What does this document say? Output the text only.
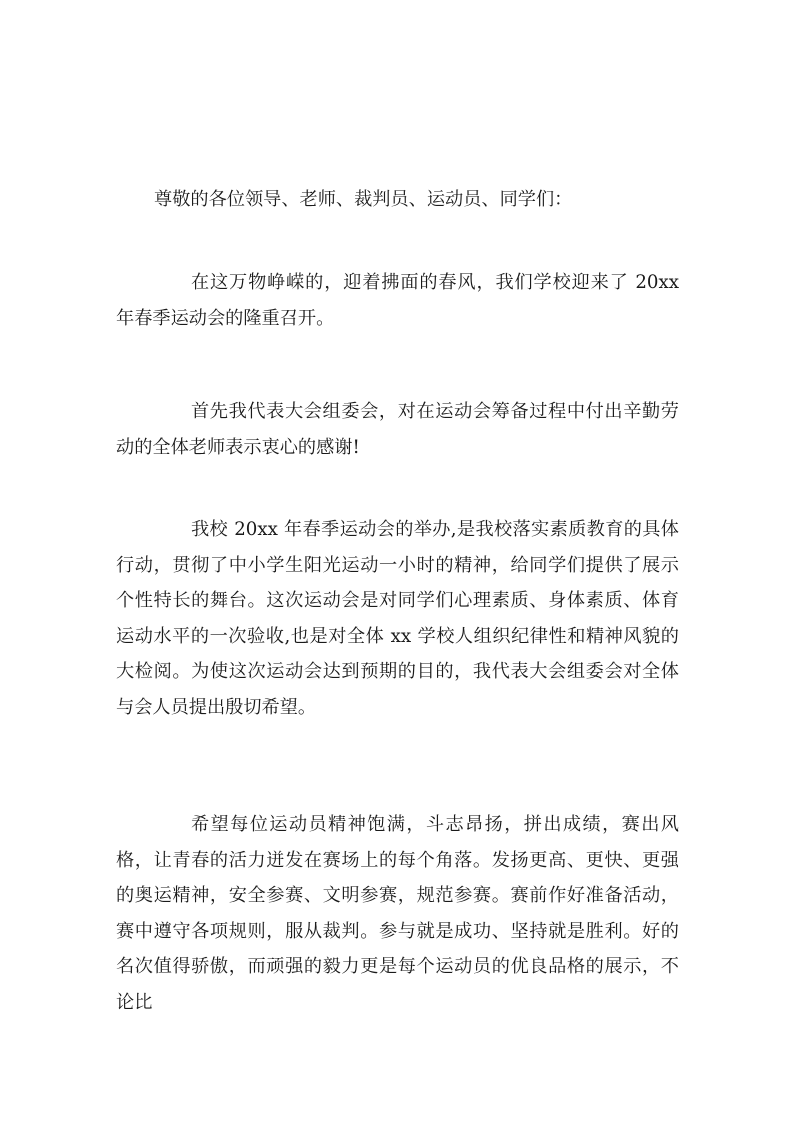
尊敬的各位领导、老师、裁判员、运动员、同学们：

在这万物峥嵘的，迎着拂面的春风，我们学校迎来了 20xx 年春季运动会的隆重召开。

首先我代表大会组委会，对在运动会筹备过程中付出辛勤劳动的全体老师表示衷心的感谢!

我校 20xx 年春季运动会的举办,是我校落实素质教育的具体行动，贯彻了中小学生阳光运动一小时的精神，给同学们提供了展示个性特长的舞台。这次运动会是对同学们心理素质、身体素质、体育运动水平的一次验收,也是对全体 xx 学校人组织纪律性和精神风貌的大检阅。为使这次运动会达到预期的目的，我代表大会组委会对全体与会人员提出殷切希望。

希望每位运动员精神饱满，斗志昂扬，拼出成绩，赛出风格，让青春的活力迸发在赛场上的每个角落。发扬更高、更快、更强的奥运精神，安全参赛、文明参赛，规范参赛。赛前作好准备活动，赛中遵守各项规则，服从裁判。参与就是成功、坚持就是胜利。好的名次值得骄傲，而顽强的毅力更是每个运动员的优良品格的展示，不论比
